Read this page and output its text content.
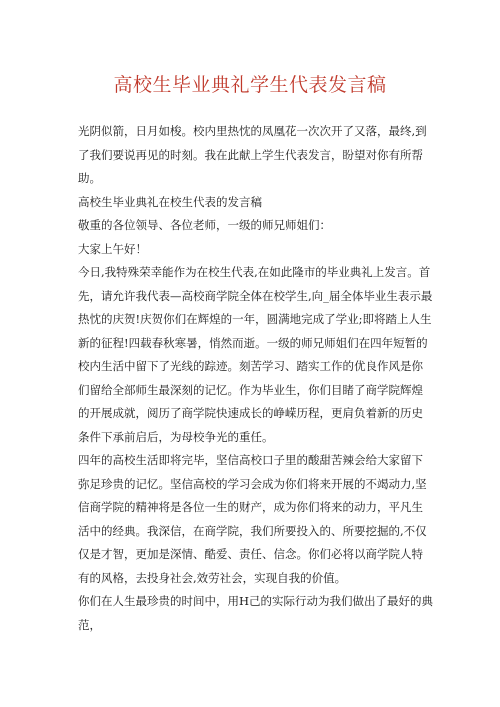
高校生毕业典礼学生代表发言稿

光阴似箭，日月如梭。校内里热忱的凤凰花一次次开了又落，最终,到了我们要说再见的时刻。我在此献上学生代表发言，盼望对你有所帮助。

高校生毕业典礼在校生代表的发言稿

敬重的各位领导、各位老师，一级的师兄师姐们：

大家上午好！

今日,我特殊荣幸能作为在校生代表,在如此隆市的毕业典礼上发言。首先，请允许我代表—高校商学院全体在校学生,向_届全体毕业生表示最热忱的庆贺!庆贺你们在辉煌的一年，圆满地完成了学业;即将踏上人生新的征程!四载春秋寒暑，悄然而逝。一级的师兄师姐们在四年短暂的校内生活中留下了光线的踪迹。刻苦学习、踏实工作的优良作风是你们留给全部师生最深刻的记忆。作为毕业生，你们目睹了商学院辉煌的开展成就，阅历了商学院快速成长的峥嵘历程，更肩负着新的历史条件下承前启后，为母校争光的重任。

四年的高校生活即将完毕，坚信高校口子里的酸甜苦辣会给大家留下弥足珍贵的记忆。坚信高校的学习会成为你们将来开展的不竭动力,坚信商学院的精神将是各位一生的财产，成为你们将来的动力，平凡生活中的经典。我深信，在商学院，我们所要投入的、所要挖掘的,不仅仅是才智，更加是深情、酷爱、责任、信念。你们必将以商学院人特有的风格，去投身社会,效劳社会，实现自我的价值。

你们在人生最珍贵的时间中，用H己的实际行动为我们做出了最好的典范，
